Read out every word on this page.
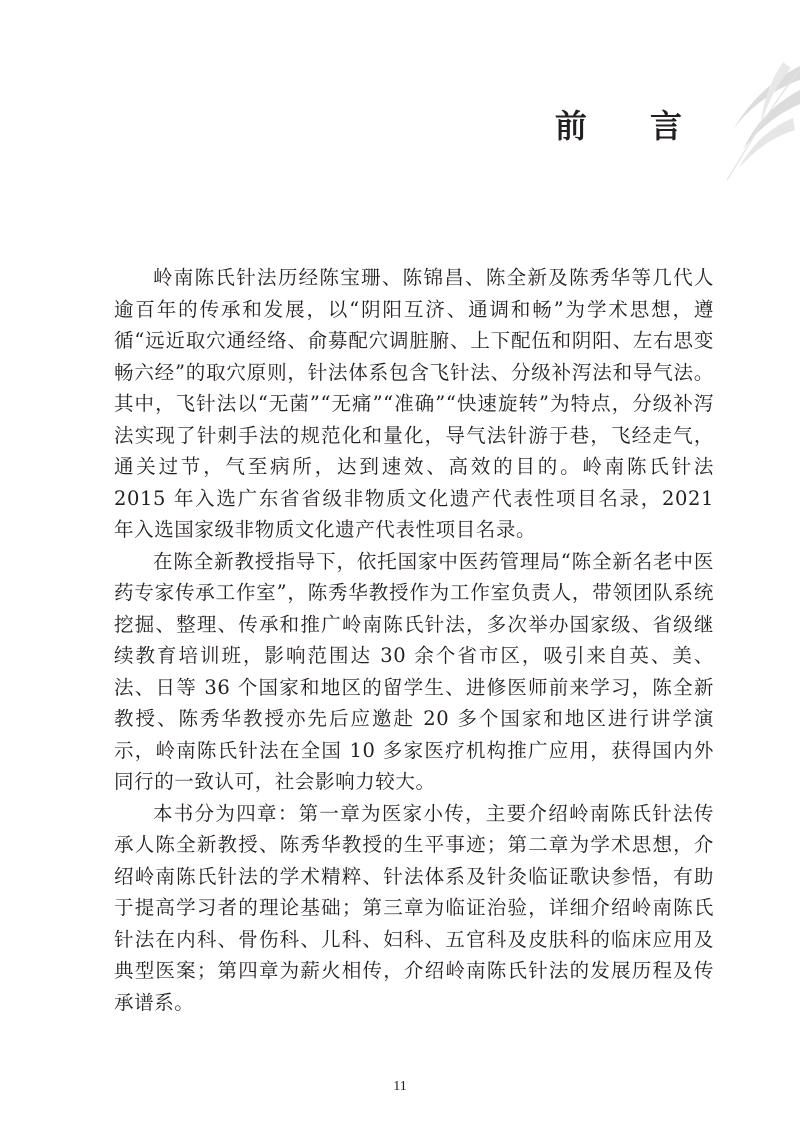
前 言

岭南陈氏针法历经陈宝珊、陈锦昌、陈全新及陈秀华等几代人逾百年的传承和发展，以“阴阳互济、通调和畅”为学术思想，遵循“远近取穴通经络、俞募配穴调脏腑、上下配伍和阴阳、左右思变畅六经”的取穴原则，针法体系包含飞针法、分级补泻法和导气法。其中，飞针法以“无菌”“无痛”“准确”“快速旋转”为特点，分级补泻法实现了针刺手法的规范化和量化，导气法针游于巷，飞经走气，通关过节，气至病所，达到速效、高效的目的。岭南陈氏针法 2015 年入选广东省省级非物质文化遗产代表性项目名录，2021 年入选国家级非物质文化遗产代表性项目名录。

在陈全新教授指导下，依托国家中医药管理局“陈全新名老中医药专家传承工作室”，陈秀华教授作为工作室负责人，带领团队系统挖掘、整理、传承和推广岭南陈氏针法，多次举办国家级、省级继续教育培训班，影响范围达 30 余个省市区，吸引来自英、美、法、日等 36 个国家和地区的留学生、进修医师前来学习，陈全新教授、陈秀华教授亦先后应邀赴 20 多个国家和地区进行讲学演示，岭南陈氏针法在全国 10 多家医疗机构推广应用，获得国内外同行的一致认可，社会影响力较大。

本书分为四章：第一章为医家小传，主要介绍岭南陈氏针法传承人陈全新教授、陈秀华教授的生平事迹；第二章为学术思想，介绍岭南陈氏针法的学术精粹、针法体系及针灸临证歌诀参悟，有助于提高学习者的理论基础；第三章为临证治验，详细介绍岭南陈氏针法在内科、骨伤科、儿科、妇科、五官科及皮肤科的临床应用及典型医案；第四章为薪火相传，介绍岭南陈氏针法的发展历程及传承谱系。

11
